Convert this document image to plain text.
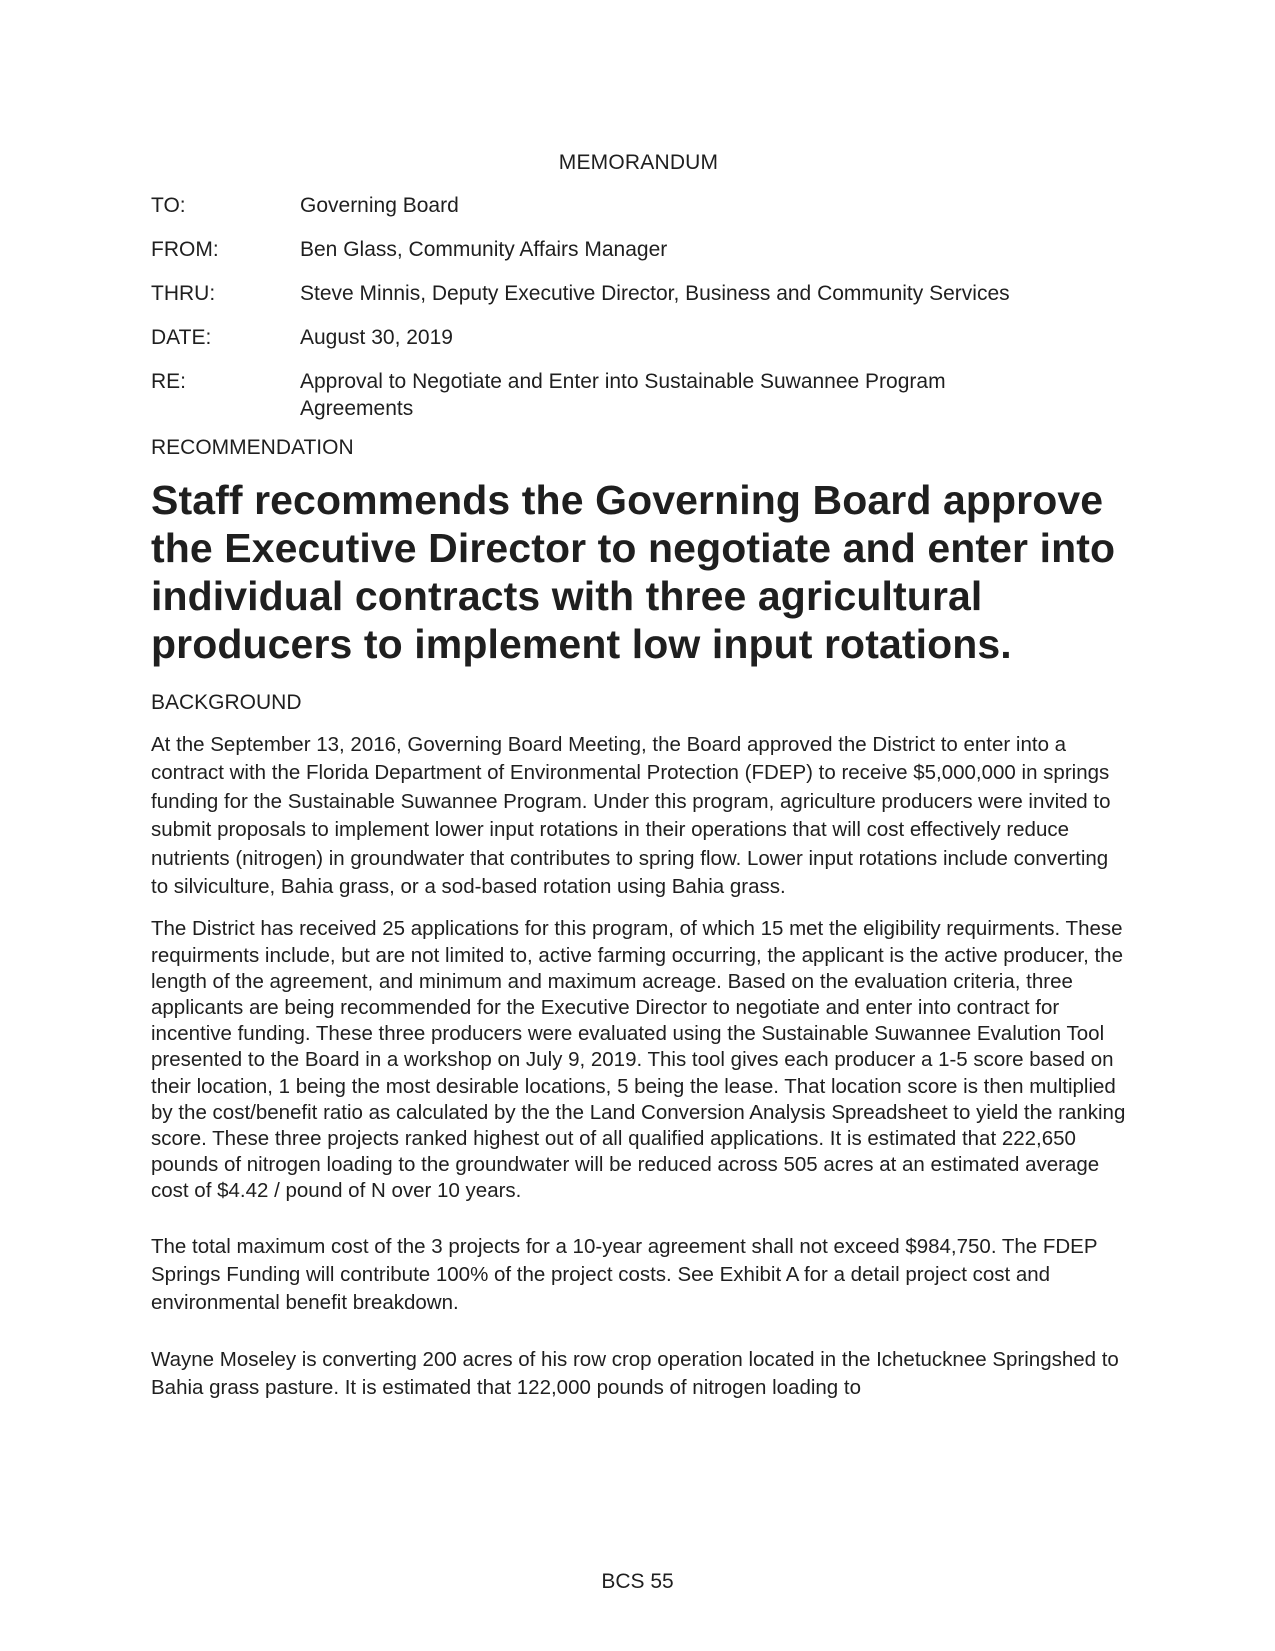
MEMORANDUM
TO:	Governing Board
FROM:	Ben Glass, Community Affairs Manager
THRU:	Steve Minnis, Deputy Executive Director, Business and Community Services
DATE:	August 30, 2019
RE:	Approval to Negotiate and Enter into Sustainable Suwannee Program Agreements
RECOMMENDATION
Staff recommends the Governing Board approve the Executive Director to negotiate and enter into individual contracts with three agricultural producers to implement low input rotations.
BACKGROUND

At the September 13, 2016, Governing Board Meeting, the Board approved the District to enter into a contract with the Florida Department of Environmental Protection (FDEP) to receive $5,000,000 in springs funding for the Sustainable Suwannee Program. Under this program, agriculture producers were invited to submit proposals to implement lower input rotations in their operations that will cost effectively reduce nutrients (nitrogen) in groundwater that contributes to spring flow. Lower input rotations include converting to silviculture, Bahia grass, or a sod-based rotation using Bahia grass.

The District has received 25 applications for this program, of which 15 met the eligibility requirments. These requirments include, but are not limited to, active farming occurring, the applicant is the active producer, the length of the agreement, and minimum and maximum acreage. Based on the evaluation criteria, three applicants are being recommended for the Executive Director to negotiate and enter into contract for incentive funding. These three producers were evaluated using the Sustainable Suwannee Evalution Tool presented to the Board in a workshop on July 9, 2019. This tool gives each producer a 1-5 score based on their location, 1 being the most desirable locations, 5 being the lease. That location score is then multiplied by the cost/benefit ratio as calculated by the the Land Conversion Analysis Spreadsheet to yield the ranking score. These three projects ranked highest out of all qualified applications. It is estimated that 222,650 pounds of nitrogen loading to the groundwater will be reduced across 505 acres at an estimated average cost of $4.42 / pound of N over 10 years.

The total maximum cost of the 3 projects for a 10-year agreement shall not exceed $984,750. The FDEP Springs Funding will contribute 100% of the project costs. See Exhibit A for a detail project cost and environmental benefit breakdown.

Wayne Moseley is converting 200 acres of his row crop operation located in the Ichetucknee Springshed to Bahia grass pasture. It is estimated that 122,000 pounds of nitrogen loading to

BCS 55
